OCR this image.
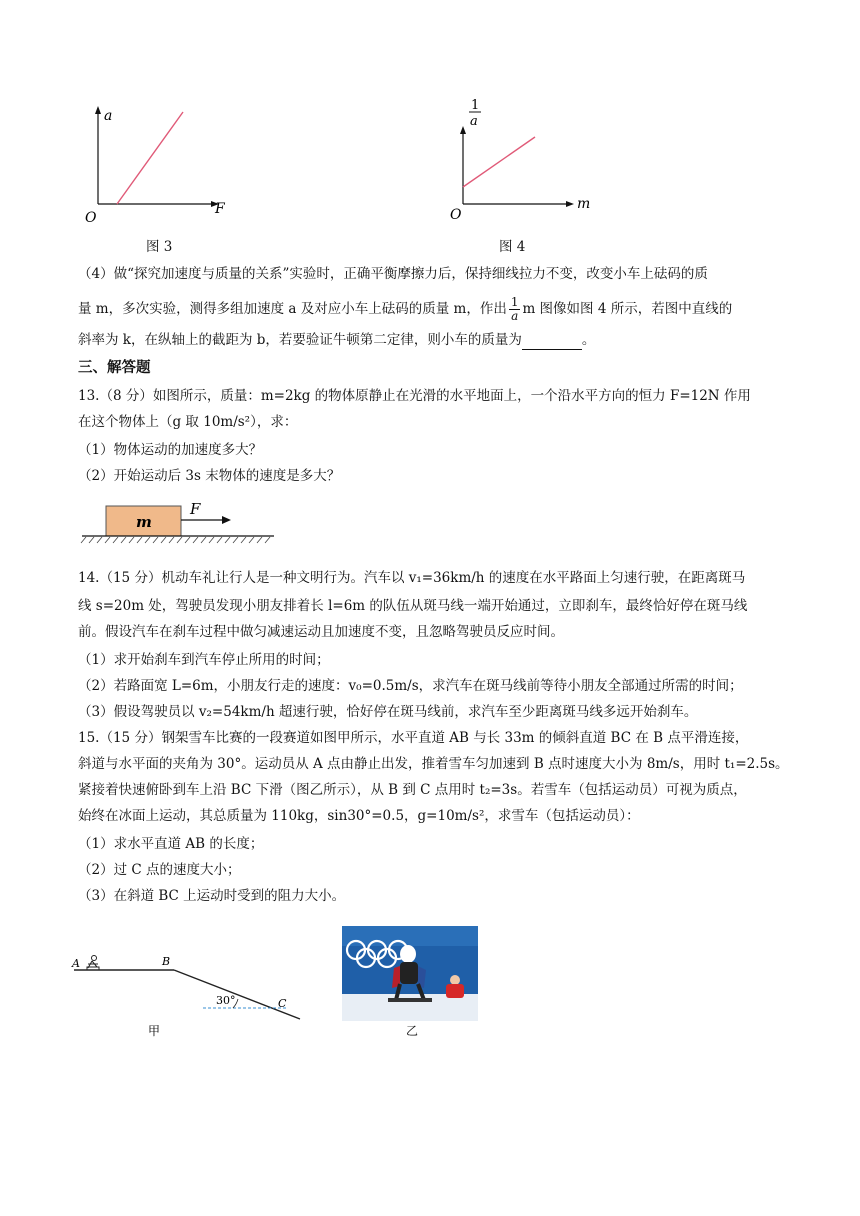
a
F
O
图 3
1
a
m
O
图 4
（4）做“探究加速度与质量的关系”实验时，正确平衡摩擦力后，保持细线拉力不变，改变小车上砝码的质
量 m，多次实验，测得多组加速度 a 及对应小车上砝码的质量 m，作出 $\frac{1}{a}$ m 图像如图 4 所示，若图中直线的
斜率为 k，在纵轴上的截距为 b，若要验证牛顿第二定律，则小车的质量为	。
三、解答题
13.（8 分）如图所示，质量：m=2kg 的物体原静止在光滑的水平地面上，一个沿水平方向的恒力 F=12N 作用
在这个物体上（g 取 10m/s²），求：
（1）物体运动的加速度多大？
（2）开始运动后 3s 末物体的速度是多大？
m
F
14.（15 分）机动车礼让行人是一种文明行为。汽车以 v₁=36km/h 的速度在水平路面上匀速行驶，在距离斑马
线 s=20m 处，驾驶员发现小朋友排着长 l=6m 的队伍从斑马线一端开始通过，立即刹车，最终恰好停在斑马线
前。假设汽车在刹车过程中做匀减速运动且加速度不变，且忽略驾驶员反应时间。
（1）求开始刹车到汽车停止所用的时间；
（2）若路面宽 L=6m，小朋友行走的速度：v₀=0.5m/s，求汽车在斑马线前等待小朋友全部通过所需的时间；
（3）假设驾驶员以 v₂=54km/h 超速行驶，恰好停在斑马线前，求汽车至少距离斑马线多远开始刹车。
15.（15 分）钢架雪车比赛的一段赛道如图甲所示，水平直道 AB 与长 33m 的倾斜直道 BC 在 B 点平滑连接，
斜道与水平面的夹角为 30°。运动员从 A 点由静止出发，推着雪车匀加速到 B 点时速度大小为 8m/s，用时 t₁=2.5s。
紧接着快速俯卧到车上沿 BC 下滑（图乙所示），从 B 到 C 点用时 t₂=3s。若雪车（包括运动员）可视为质点，
始终在冰面上运动，其总质量为 110kg，sin30°=0.5，g=10m/s²，求雪车（包括运动员）：
（1）求水平直道 AB 的长度；
（2）过 C 点的速度大小；
（3）在斜道 BC 上运动时受到的阻力大小。
A	B
C
30°
甲	乙
